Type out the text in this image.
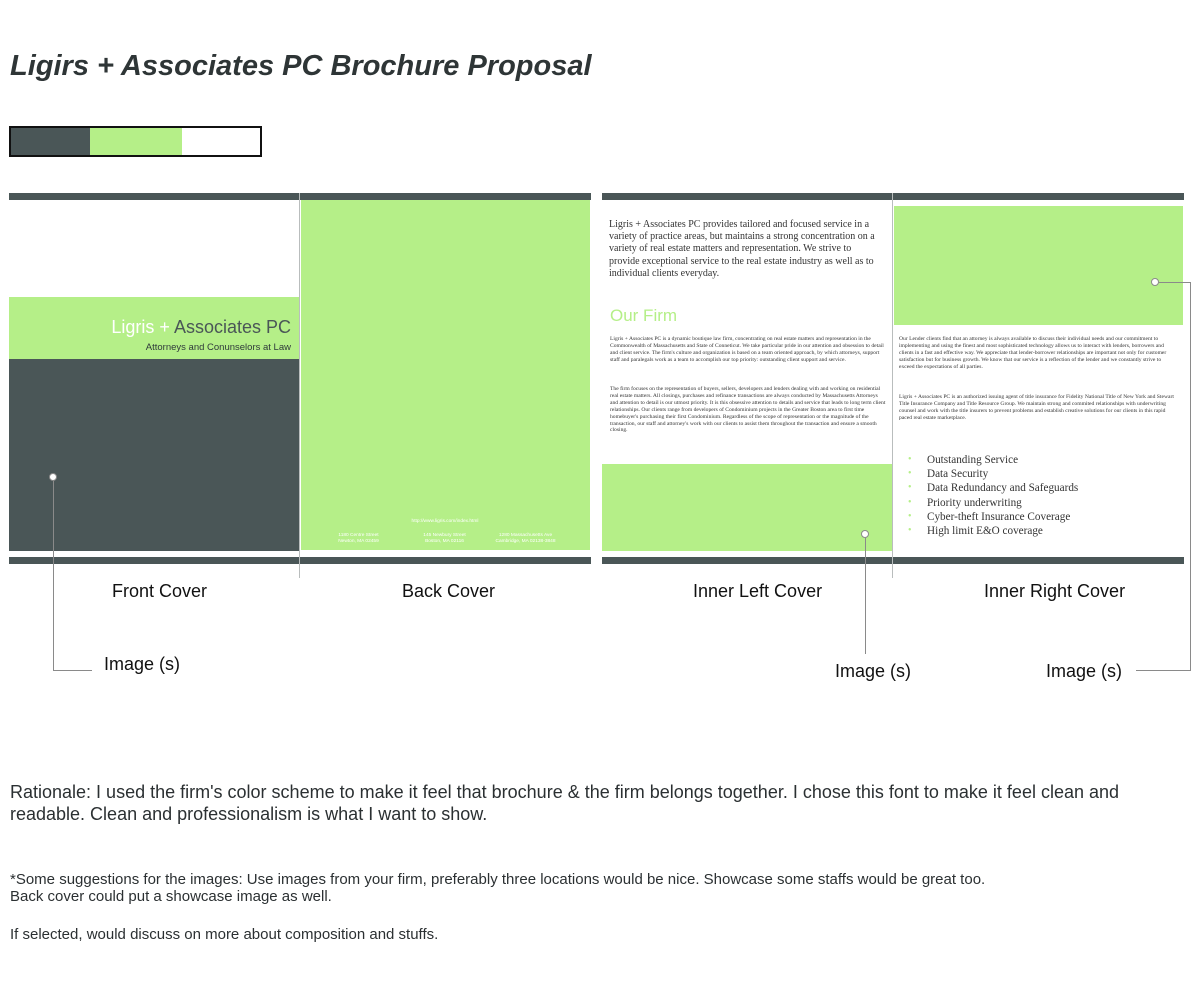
Ligirs + Associates PC Brochure Proposal
Ligris + Associates PC
Attorneys and Conunselors at Law
http://www.ligris.com/index.html
1180 Centre Street
Newton, MA 02459
145 Newbury Street
Boston, MA 02116
1280 Massachusetts Ave
Cambridge, MA 02138-3848
Ligris + Associates PC provides tailored and focused service in a variety of practice areas, but maintains a strong concentration on a variety of real estate matters and representation. We strive to provide exceptional service to the real estate industry as well as to individual clients everyday.
Our Firm
Ligris + Associates PC is a dynamic boutique law firm, concentrating on real estate matters and representation in the Commonwealth of Massachusetts and State of Conneticut. We take particular pride in our attention and obsession to detail and client service. The firm's culture and organization is based on a team oriented approach, by which attorneys, support staff and paralegals work as a team to accomplish our top priority: outstanding client support and service.
The firm focuses on the representation of buyers, sellers, developers and lenders dealing with and working on residential real estate matters. All closings, purchases and refinance transactions are always conducted by Massachusetts Attorneys and attention to detail is our utmost priority. It is this obsessive attention to details and service that leads to long term client relationships. Our clients range from developers of Condominium projects in the Greater Boston area to first time homebuyer's purchasing their first Condominium. Regardless of the scope of representation or the magnitude of the transaction, our staff and attorney's work with our clients to assist them throughout the transaction and ensure a smooth closing.
Our Lender clients find that an attorney is always available to discuss their individual needs and our commitment to implementing and using the finest and most sophisticated technology allows us to interact with lenders, borrowers and clients in a fast and effective way. We appreciate that lender-borrower relationships are important not only for customer satisfaction but for business growth. We know that our service is a reflection of the lender and we constantly strive to exceed the expectations of all parties.
Ligris + Associates PC is an authorized issuing agent of title insurance for Fidelity National Title of New York and Stewart Title Insurance Company and Title Resource Group. We maintain strong and commited relationships with underwriting counsel and work with the title insurers to prevent problems and establish creative solutions for our clients in this rapid paced real estate marketplace.
• Outstanding Service
• Data Security
• Data Redundancy and Safeguards
• Priority underwriting
• Cyber-theft Insurance Coverage
• High limit E&O coverage
Front Cover	Back Cover	Inner Left Cover	Inner Right Cover
Image (s)	Image (s)	Image (s)
Rationale: I used the firm's color scheme to make it feel that brochure & the firm belongs together. I chose this font to make it feel clean and readable. Clean and professionalism is what I want to show.
*Some suggestions for the images: Use images from your firm, preferably three locations would be nice. Showcase some staffs would be great too.
Back cover could put a showcase image as well.
If selected, would discuss on more about composition and stuffs.
